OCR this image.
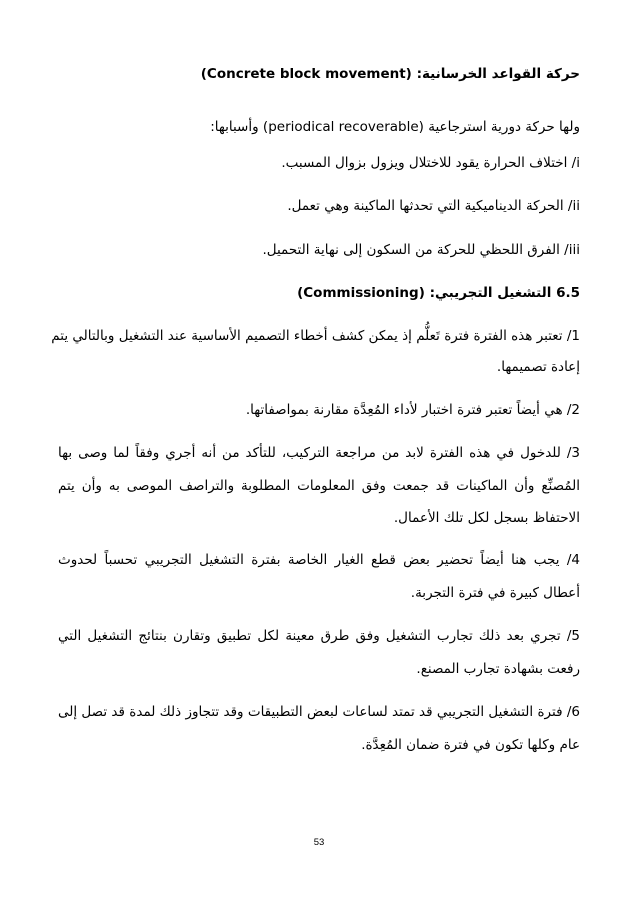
حركة القواعد الخرسانية: (Concrete block movement)
ولها حركة دورية استرجاعية (periodical recoverable) وأسبابها:
i/ اختلاف الحرارة يقود للاختلال ويزول بزوال المسبب.
ii/ الحركة الديناميكية التي تحدثها الماكينة وهي تعمل.
iii/ الفرق اللحظي للحركة من السكون إلى نهاية التحميل.
6.5 التشغيل التجريبي: (Commissioning)
1/ تعتبر هذه الفترة فترة تَعلُّم إذ يمكن كشف أخطاء التصميم الأساسية عند التشغيل وبالتالي يتم
إعادة تصميمها.
2/ هي أيضاً تعتبر فترة اختبار لأداء المُعِدَّة مقارنة بمواصفاتها.
3/ للدخول في هذه الفترة لابد من مراجعة التركيب، للتأكد من أنه أجري وفقاً لما وصى بها
المُصنِّع وأن الماكينات قد جمعت وفق المعلومات المطلوبة والتراصف الموصى به وأن يتم
الاحتفاظ بسجل لكل تلك الأعمال.
4/ يجب هنا أيضاً تحضير بعض قطع الغيار الخاصة بفترة التشغيل التجريبي تحسباً لحدوث
أعطال كبيرة في فترة التجربة.
5/ تجري بعد ذلك تجارب التشغيل وفق طرق معينة لكل تطبيق وتقارن بنتائج التشغيل التي
رفعت بشهادة تجارب المصنع.
6/ فترة التشغيل التجريبي قد تمتد لساعات لبعض التطبيقات وقد تتجاوز ذلك لمدة قد تصل إلى
عام وكلها تكون في فترة ضمان المُعِدَّة.
53
